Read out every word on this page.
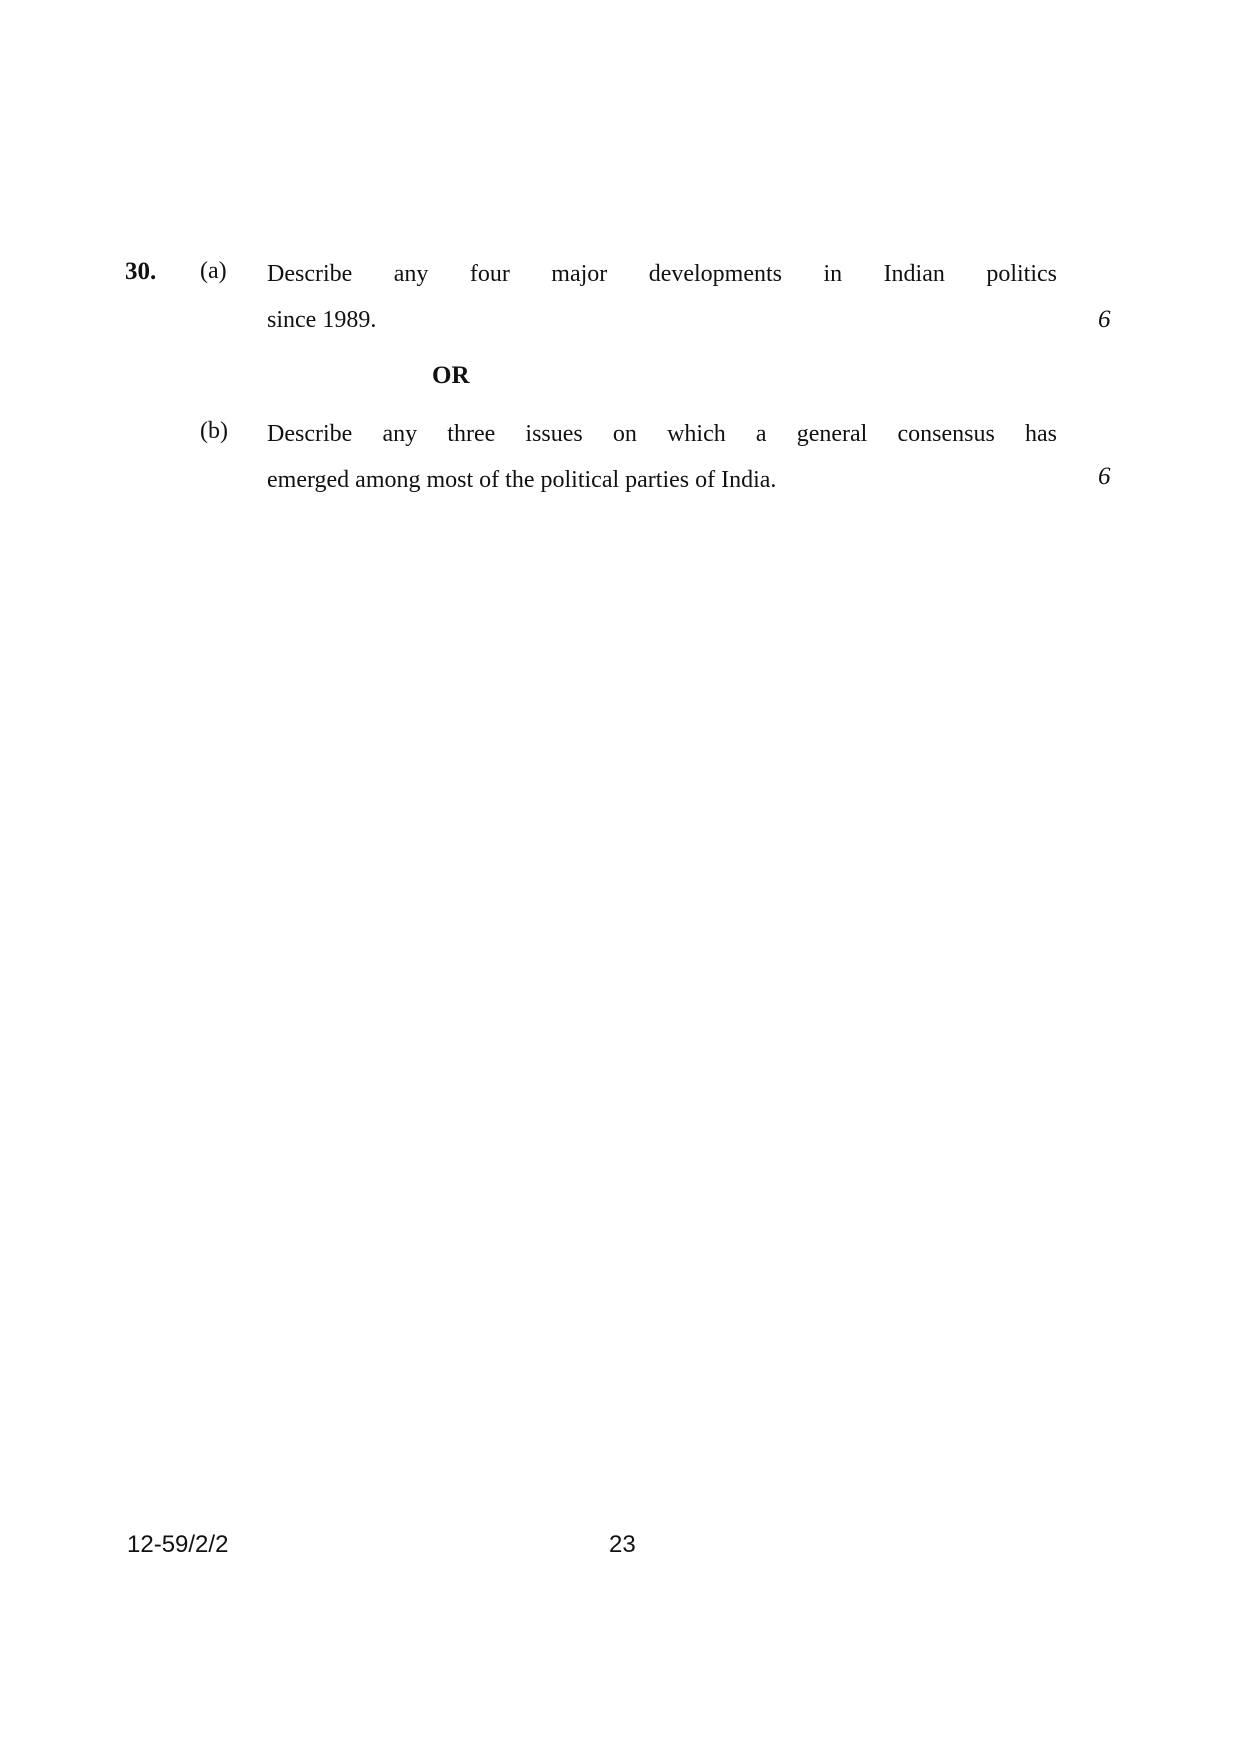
30. (a) Describe any four major developments in Indian politics
since 1989.	6
OR
(b) Describe any three issues on which a general consensus has
emerged among most of the political parties of India.	6
12-59/2/2	23
